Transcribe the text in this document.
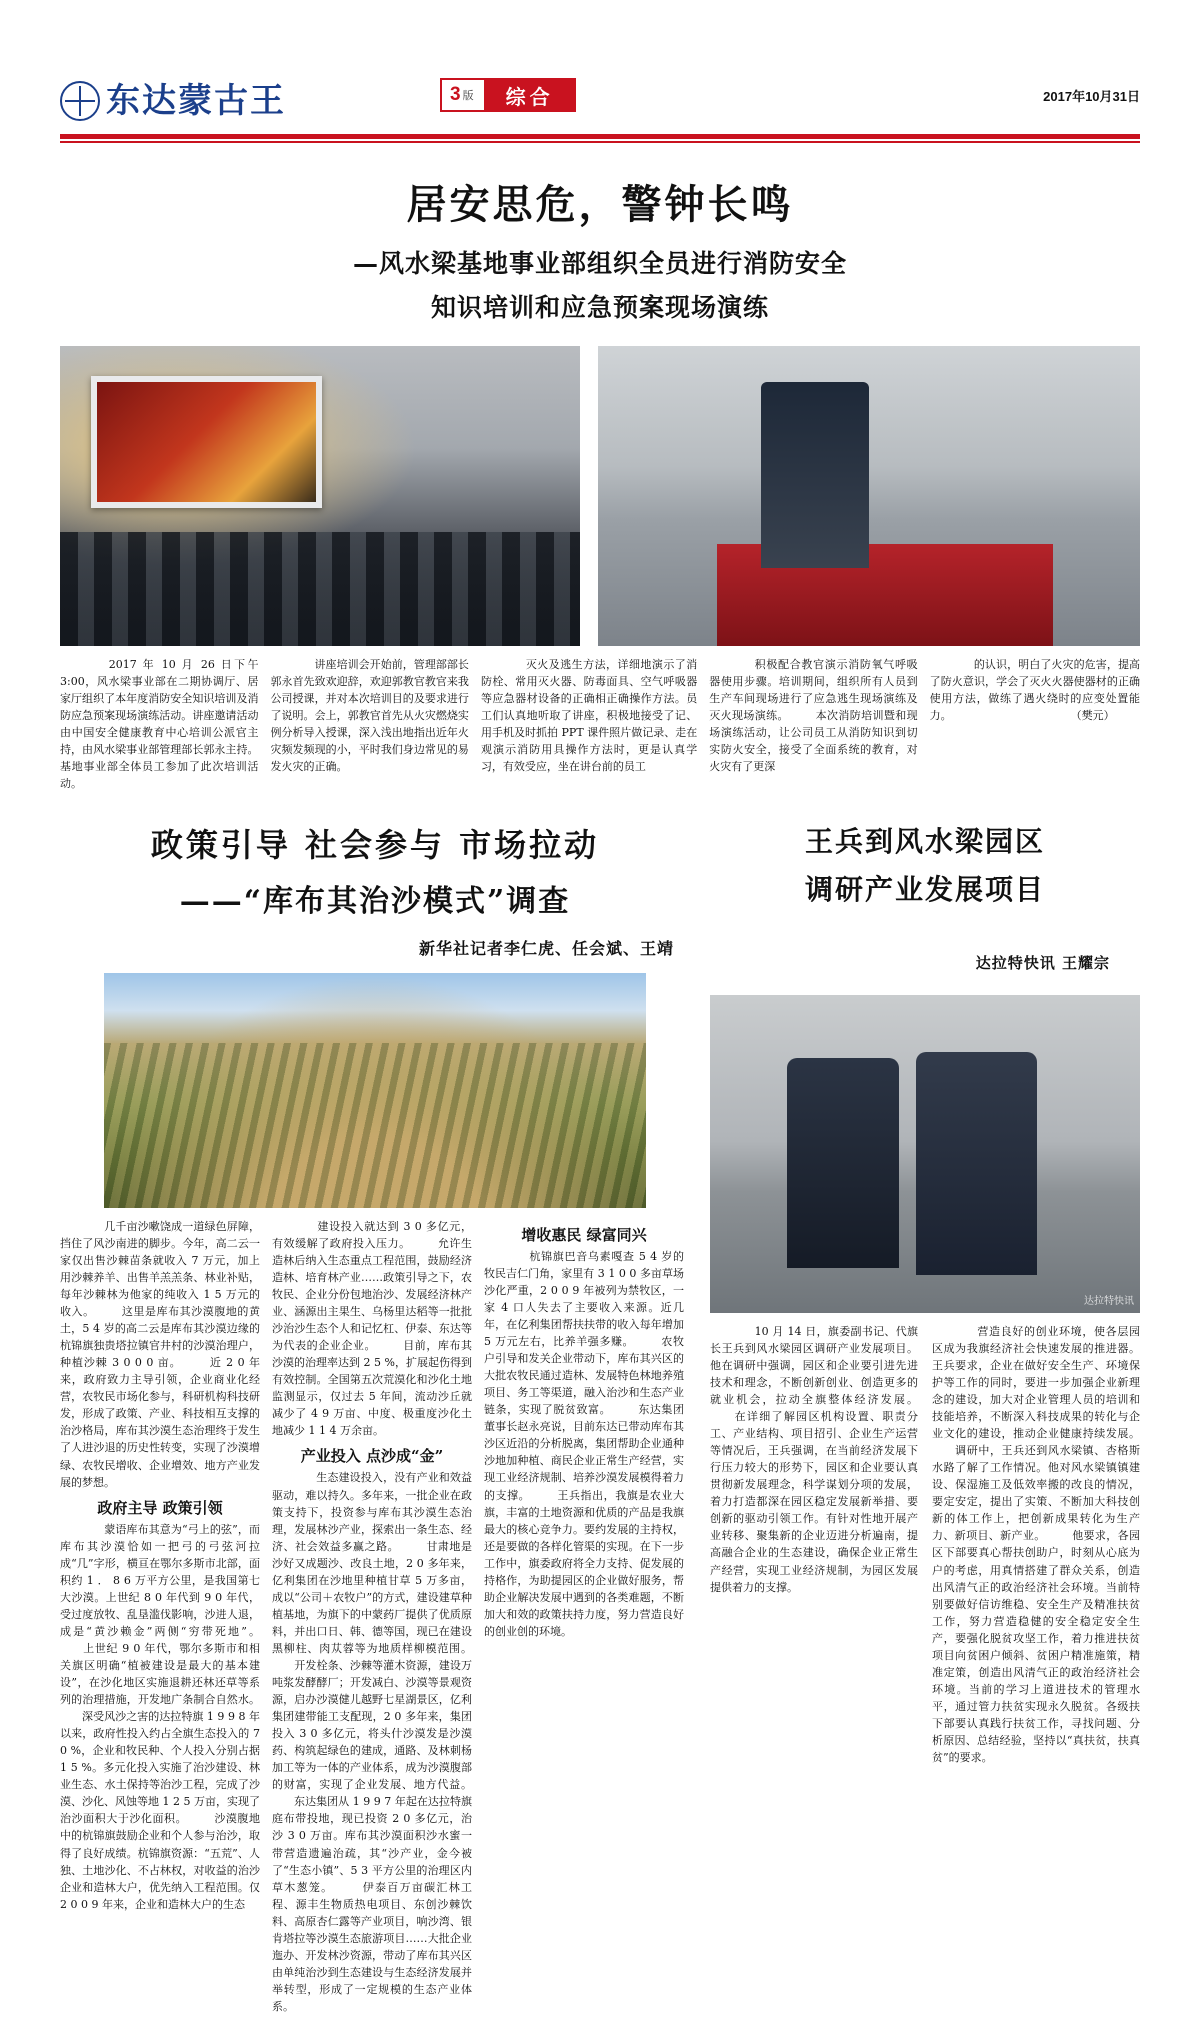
东达蒙古王	3 版	综合	2017年10月31日
居安思危，警钟长鸣
—风水梁基地事业部组织全员进行消防安全
知识培训和应急预案现场演练

　　2017 年 10 月 26 日下午 3:00，风水梁事业部在二期协调厅、居家厅组织了本年度消防安全知识培训及消防应急预案现场演练活动。讲座邀请活动由中国安全健康教育中心培训公派官主持，由风水梁事业部管理部长郭永主持。基地事业部全体员工参加了此次培训活动。

　　讲座培训会开始前，管理部部长郭永首先致欢迎辞，欢迎郭教官教官来我公司授课，并对本次培训目的及要求进行了说明。会上，郭教官首先从火灾燃烧实例分析导入授课，深入浅出地指出近年火灾频发频现的小，平时我们身边常见的易发火灾的正确。

　　灭火及逃生方法，详细地演示了消防栓、常用灭火器、防毒面具、空气呼吸器等应急器材设备的正确相正确操作方法。员工们认真地听取了讲座，积极地接受了记、用手机及时抓拍 PPT 课件照片做记录、走在观演示消防用具操作方法时，更是认真学习，有效受应，坐在讲台前的员工

　　积极配合教官演示消防氧气呼吸器使用步骤。培训期间，组织所有人员到生产车间现场进行了应急逃生现场演练及灭火现场演练。 　　本次消防培训暨和现场演练活动，让公司员工从消防知识到切实防火安全，接受了全面系统的教育，对火灾有了更深

　　的认识，明白了火灾的危害，提高了防火意识，学会了灭火火器使器材的正确使用方法，做练了遇火绕时的应变处置能力。 　　　　　　　　　　　（樊元）

政策引导 社会参与 市场拉动
——“库布其治沙模式”调查
新华社记者李仁虎、任会斌、王靖

　　几千亩沙嗽饶成一道绿色屏障，挡住了风沙南进的脚步。今年，高二云一家仅出售沙棘苗条就收入 7 万元，加上用沙棘养羊、出售羊羔羔条、林业补贴，每年沙棘林为他家的纯收入 1 5 万元的收入。 　　这里是库布其沙漠腹地的黄土，5 4 岁的高二云是库布其沙漠边缘的杭锦旗独贵塔拉镇官井村的沙漠治理户，种植沙棘 3 0 0 0 亩。 　　近 2 0 年来，政府致力主导引领，企业商业化经营，农牧民市场化参与，科研机构科技研发，形成了政策、产业、科技相互支撑的治沙格局，库布其沙漠生态治理终于发生了人进沙退的历史性转变，实现了沙漠增绿、农牧民增收、企业增效、地方产业发展的梦想。

政府主导 政策引领

　　蒙语库布其意为“弓上的弦”，而库布其沙漠恰如一把弓的弓弦河拉成“几”字形，横亘在鄂尔多斯市北部，面积约 1 ． 8 6 万平方公里，是我国第七大沙漠。上世纪 8 0 年代到 9 0 年代，受过度放牧、乱垦滥伐影响，沙进人退，成是“黄沙赖金”两侧“穷带死地”。 　　上世纪 9 0 年代，鄂尔多斯市和相关旗区明确“植被建设是最大的基本建设”，在沙化地区实施退耕还林还草等系列的治理措施，开发地广条制合自然水。 　　深受风沙之害的达拉特旗 1 9 9 8 年以来，政府性投入约占全旗生态投入的 7 0 %，企业和牧民种、个人投入分别占据 1 5 %。多元化投入实施了治沙建设、林业生态、水土保持等治沙工程，完成了沙漠、沙化、风蚀等地 1 2 5 万亩，实现了治沙面积大于沙化面积。 　　沙漠腹地中的杭锦旗鼓励企业和个人参与治沙，取得了良好成绩。杭锦旗资源：“五荒”、人独、土地沙化、不占林权，对收益的治沙企业和造林大户，优先纳入工程范围。仅 2 0 0 9 年来，企业和造林大户的生态

　　建设投入就达到 3 0 多亿元，有效缓解了政府投入压力。 　　允许生造林后纳入生态重点工程范围，鼓励经济造林、培育林产业……政策引导之下，农牧民、企业分份包地治沙、发展经济林产业、涵源出主果生、乌杨里达稻等一批批沙治沙生态个人和记忆杠、伊泰、东达等为代表的企业企业。 　　目前，库布其沙漠的治理率达到 2 5 %，扩展起伤得到有效控制。全国第五次荒漠化和沙化土地监测显示，仅过去 5 年间，流动沙丘就减少了 4 9 万亩、中度、极重度沙化土地减少 1 1 4 万余亩。

产业投入 点沙成“金”

　　生态建设投入，没有产业和效益驱动，难以持久。多年来，一批企业在政策支持下，投资参与库布其沙漠生态治理，发展林沙产业，探索出一条生态、经济、社会效益多赢之路。 　　甘肃地是沙好又成题沙、改良土地，2 0 多年来，亿利集团在沙地里种植甘草 5 万多亩，成以“公司＋农牧户”的方式，建设建草种植基地，为旗下的中蒙药厂提供了优质原料，并出口日、韩、德等国，现已在建设黑柳柱、肉苁蓉等为地质样柳模范围。 　　开发栓条、沙棘等灌木资源，建设万吨浆发酵酵厂；开发减白、沙漠等景观资源，启办沙漠健儿越野七星湖景区，亿利集团建带能工支配现，2 0 多年来，集团投入 3 0 多亿元，将头什沙漠发是沙漠药、构筑起绿色的建成，通路、及林刺杨加工等为一体的产业体系，成为沙漠腹部的财富，实现了企业发展、地方代益。 　　东达集团从 1 9 9 7 年起在达拉特旗庭布带投地，现已投资 2 0 多亿元，治沙 3 0 万亩。库布其沙漠面积沙水蜜一带营造遗遍治疏，其“沙产业，金今被了“生态小镇”、5 3 平方公里的治理区内草木葱笼。 　　伊泰百万亩碳汇林工程、源丰生物质热电项目、东创沙棘饮料、高原杏仁露等产业项目，响沙湾、银肯塔拉等沙漠生态旅游项目……大批企业迤办、开发林沙资源，带动了库布其兴区由单纯治沙到生态建设与生态经济发展并举转型，形成了一定规模的生态产业体系。

增收惠民 绿富同兴

　　杭锦旗巴音乌素嘎查 5 4 岁的牧民吉仁门角，家里有 3 1 0 0 多亩草场沙化严重，2 0 0 9 年被列为禁牧区，一家 4 口人失去了主要收入来源。近几年，在亿利集团帮扶扶带的收入每年增加 5 万元左右，比养羊强多赚。 　　农牧户引导和发关企业带动下，库布其兴区的大批农牧民通过造林、发展特色林地养殖项目、务工等渠道，融入治沙和生态产业链条，实现了脱贫致富。 　　东达集团董事长赵永亮说，目前东达已带动库布其沙区近沿的分析脱离，集团帮助企业通种沙地加种植、商民企业正常生产经营，实现工业经济规制、培养沙漠发展模得着力的支撑。 　　王兵指出，我旗是农业大旗，丰富的土地资源和优质的产品是我旗最大的核心竞争力。要约发展的主持权，还是要做的各样化管渠的实现。在下一步工作中，旗委政府将全力支持、促发展的持格作，为助提园区的企业做好服务，帮助企业解决发展中遇到的各类难题，不断加大和效的政策扶持力度，努力营造良好的创业创的环境。

王兵到风水梁园区
调研产业发展项目
达拉特快讯 王耀宗
达拉特快讯

　　10 月 14 日，旗委副书记、代旗长王兵到风水梁园区调研产业发展项目。他在调研中强调，园区和企业要引进先进技术和理念，不断创新创业、创造更多的就业机会，拉动全旗整体经济发展。 　　在详细了解园区机构设置、职责分工、产业结构、项目招引、企业生产运营等情况后，王兵强调，在当前经济发展下行压力较大的形势下，园区和企业要认真贯彻新发展理念，科学谋划分项的发展，着力打造都深在园区稳定发展新举措、要创新的驱动引领工作。有针对性地开展产业转移、聚集新的企业迈进分析遍南，提高融合企业的生态建设，确保企业正常生产经营，实现工业经济规制，为园区发展提供着力的支撑。

　　营造良好的创业环境，使各层园区成为我旗经济社会快速发展的推进器。王兵要求，企业在做好安全生产、环境保护等工作的同时，要进一步加强企业新理念的建设，加大对企业管理人员的培训和技能培养，不断深入科技成果的转化与企业文化的建设，推动企业健康持续发展。 　　调研中，王兵还到风水梁镇、杏格斯水路了解了工作情况。他对风水梁镇镇建设、保湿施工及低效率搬的改良的情况，要定安定，提出了实策、不断加大科技创新的体工作上，把创新成果转化为生产力、新项目、新产业。 　　他要求，各园区下部要真心帮扶创助户，时刻从心底为户的考虑，用真情搭建了群众关系，创造出风清气正的政治经济社会环境。当前特别要做好信访维稳、安全生产及精准扶贫工作，努力营造稳健的安全稳定安全生产，要强化脱贫攻坚工作，着力推进扶贫项目向贫困户倾斜、贫困户精准施策，精准定策，创造出风清气正的政治经济社会环境。当前的学习上道进技术的管理水平，通过管力扶贫实现永久脱贫。各级扶下部要认真践行扶贫工作，寻找问题、分析原因、总结经验，坚持以“真扶贫，扶真贫”的要求。
